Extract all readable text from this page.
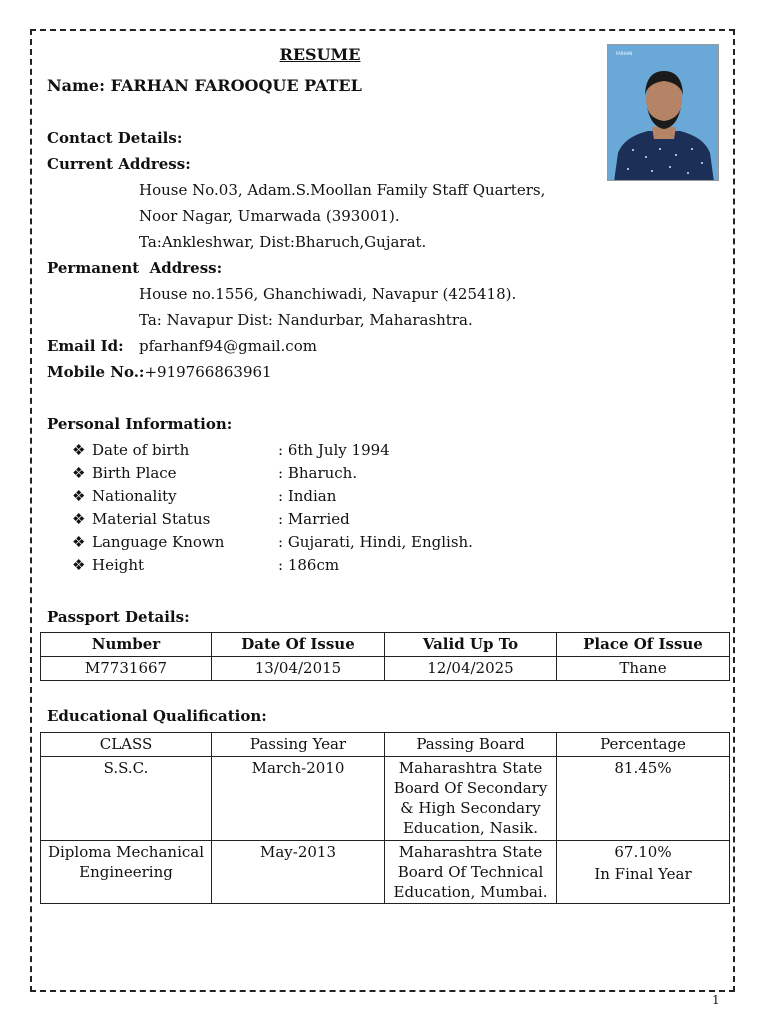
RESUME	FARHAN
Name: FARHAN FAROOQUE PATEL
Contact Details:
Current Address:
House No.03, Adam.S.Moollan Family Staff Quarters,
Noor Nagar, Umarwada (393001).
Ta:Ankleshwar, Dist:Bharuch,Gujarat.
Permanent  Address:
House no.1556, Ghanchiwadi, Navapur (425418).
Ta: Navapur Dist: Nandurbar, Maharashtra.
Email Id: pfarhanf94@gmail.com
Mobile No.:+919766863961
Personal Information:
❖ Date of birth	: 6th July 1994
❖ Birth Place	: Bharuch.
❖ Nationality	: Indian
❖ Material Status	: Married
❖ Language Known	: Gujarati, Hindi, English.
❖ Height	: 186cm
Passport Details:
Number	Date Of Issue	Valid Up To	Place Of Issue
M7731667	13/04/2015	12/04/2025	Thane
Educational Qualification:
CLASS	Passing Year	Passing Board	Percentage
S.S.C.	March-2010	Maharashtra State Board Of Secondary & High Secondary Education, Nasik.	81.45%

Diploma Mechanical Engineering	May-2013	Maharashtra State Board Of Technical Education, Mumbai.	67.10%
In Final Year
1
